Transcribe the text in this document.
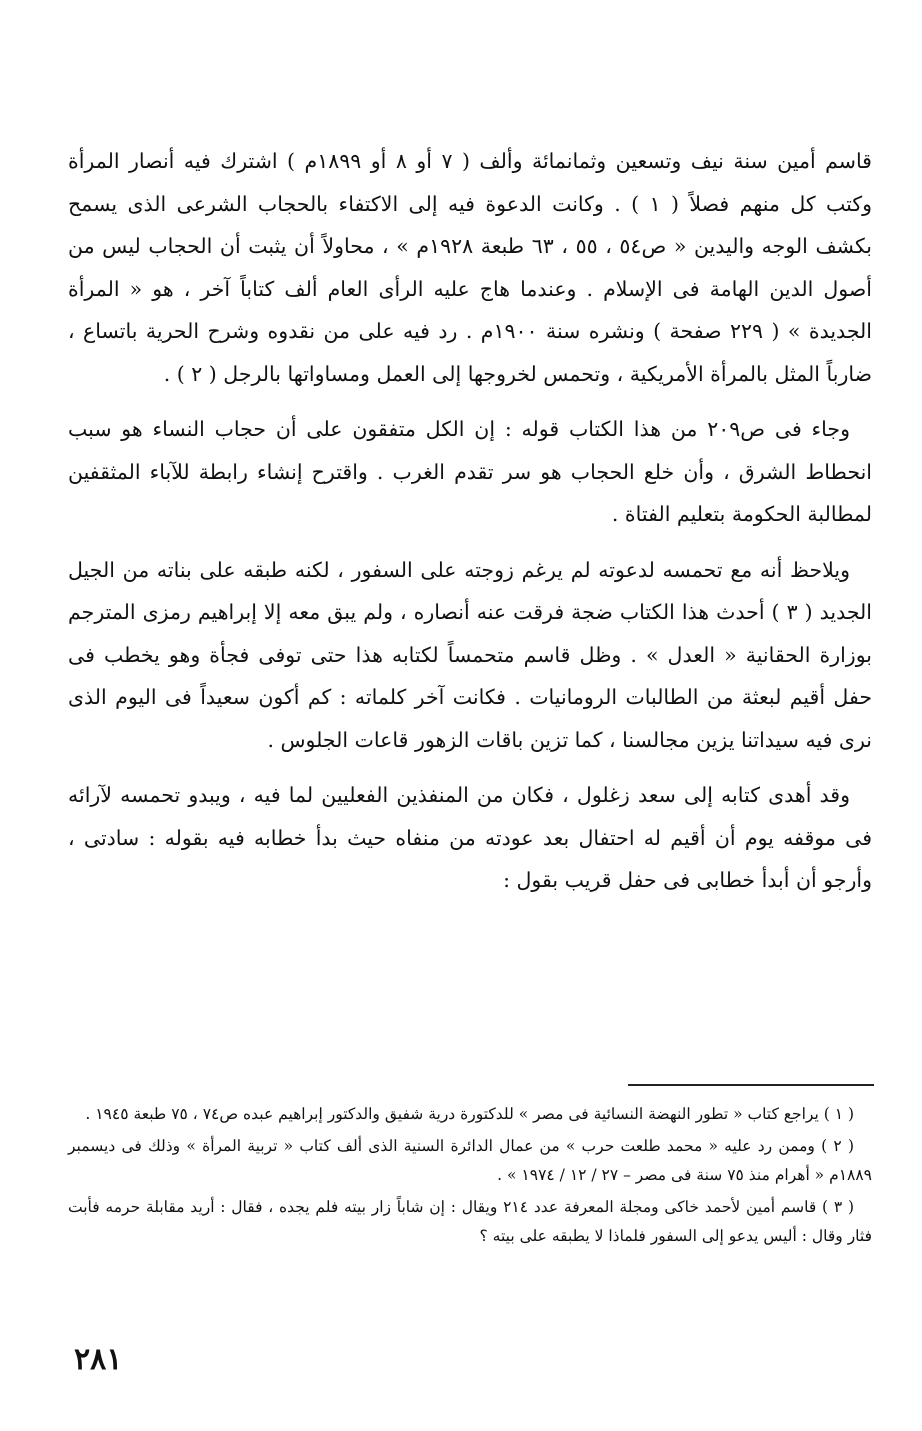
قاسم أمين سنة نيف وتسعين وثمانمائة وألف ( ٧ أو ٨ أو ١٨٩٩م ) اشترك فيه أنصار المرأة وكتب كل منهم فصلاً ( ١ ) . وكانت الدعوة فيه إلى الاكتفاء بالحجاب الشرعى الذى يسمح بكشف الوجه واليدين « ص٥٤ ، ٥٥ ، ٦٣ طبعة ١٩٢٨م » ، محاولاً أن يثبت أن الحجاب ليس من أصول الدين الهامة فى الإسلام . وعندما هاج عليه الرأى العام ألف كتاباً آخر ، هو « المرأة الجديدة » ( ٢٢٩ صفحة ) ونشره سنة ١٩٠٠م . رد فيه على من نقدوه وشرح الحرية باتساع ، ضارباً المثل بالمرأة الأمريكية ، وتحمس لخروجها إلى العمل ومساواتها بالرجل ( ٢ ) .

وجاء فى ص٢٠٩ من هذا الكتاب قوله : إن الكل متفقون على أن حجاب النساء هو سبب انحطاط الشرق ، وأن خلع الحجاب هو سر تقدم الغرب . واقترح إنشاء رابطة للآباء المثقفين لمطالبة الحكومة بتعليم الفتاة .

ويلاحظ أنه مع تحمسه لدعوته لم يرغم زوجته على السفور ، لكنه طبقه على بناته من الجيل الجديد ( ٣ ) أحدث هذا الكتاب ضجة فرقت عنه أنصاره ، ولم يبق معه إلا إبراهيم رمزى المترجم بوزارة الحقانية « العدل » . وظل قاسم متحمساً لكتابه هذا حتى توفى فجأة وهو يخطب فى حفل أقيم لبعثة من الطالبات الرومانيات . فكانت آخر كلماته : كم أكون سعيداً فى اليوم الذى نرى فيه سيداتنا يزين مجالسنا ، كما تزين باقات الزهور قاعات الجلوس .

وقد أهدى كتابه إلى سعد زغلول ، فكان من المنفذين الفعليين لما فيه ، ويبدو تحمسه لآرائه فى موقفه يوم أن أقيم له احتفال بعد عودته من منفاه حيث بدأ خطابه فيه بقوله : سادتى ، وأرجو أن أبدأ خطابى فى حفل قريب بقول :

( ١ ) يراجع كتاب « تطور النهضة النسائية فى مصر » للدكتورة درية شفيق والدكتور إبراهيم عبده ص٧٤ ، ٧٥ طبعة ١٩٤٥ .

( ٢ ) وممن رد عليه « محمد طلعت حرب » من عمال الدائرة السنية الذى ألف كتاب « تربية المرأة » وذلك فى ديسمبر ١٨٨٩م « أهرام منذ ٧٥ سنة فى مصر – ٢٧ / ١٢ / ١٩٧٤ » .

( ٣ ) قاسم أمين لأحمد خاكى ومجلة المعرفة عدد ٢١٤ ويقال : إن شاباً زار بيته فلم يجده ، فقال : أريد مقابلة حرمه فأبت فثار وقال : أليس يدعو إلى السفور فلماذا لا يطبقه على بيته ؟

٢٨١
